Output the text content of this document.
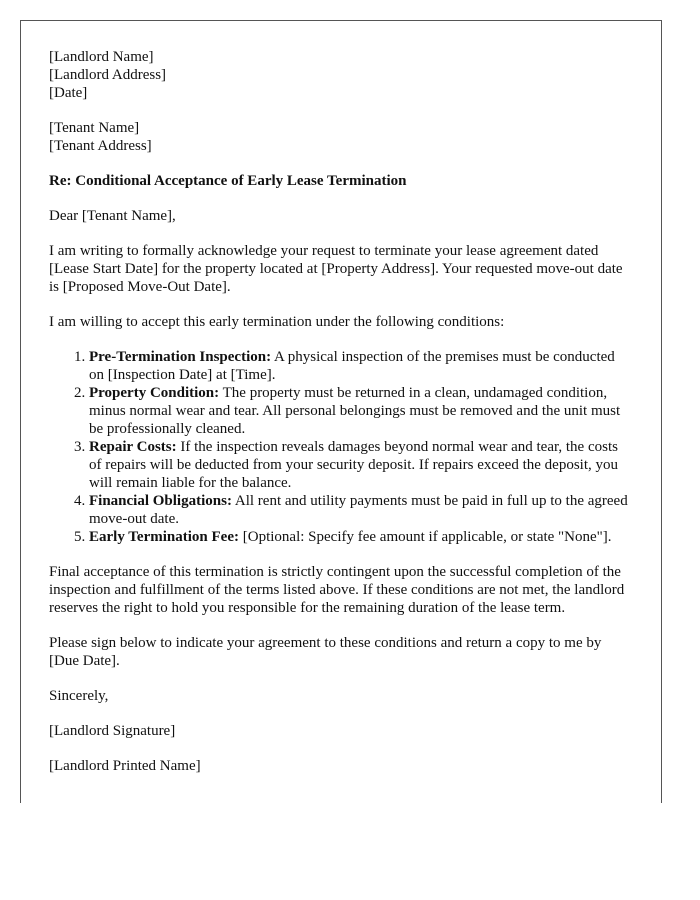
[Landlord Name]
[Landlord Address]
[Date]
[Tenant Name]
[Tenant Address]

Re: Conditional Acceptance of Early Lease Termination

Dear [Tenant Name],

I am writing to formally acknowledge your request to terminate your lease agreement dated [Lease Start Date] for the property located at [Property Address]. Your requested move-out date is [Proposed Move-Out Date].

I am willing to accept this early termination under the following conditions:

1. Pre-Termination Inspection: A physical inspection of the premises must be conducted on [Inspection Date] at [Time].
2. Property Condition: The property must be returned in a clean, undamaged condition, minus normal wear and tear. All personal belongings must be removed and the unit must be professionally cleaned.
3. Repair Costs: If the inspection reveals damages beyond normal wear and tear, the costs of repairs will be deducted from your security deposit. If repairs exceed the deposit, you will remain liable for the balance.
4. Financial Obligations: All rent and utility payments must be paid in full up to the agreed move-out date.
5. Early Termination Fee: [Optional: Specify fee amount if applicable, or state "None"].

Final acceptance of this termination is strictly contingent upon the successful completion of the inspection and fulfillment of the terms listed above. If these conditions are not met, the landlord reserves the right to hold you responsible for the remaining duration of the lease term.

Please sign below to indicate your agreement to these conditions and return a copy to me by [Due Date].

Sincerely,

[Landlord Signature]

[Landlord Printed Name]
